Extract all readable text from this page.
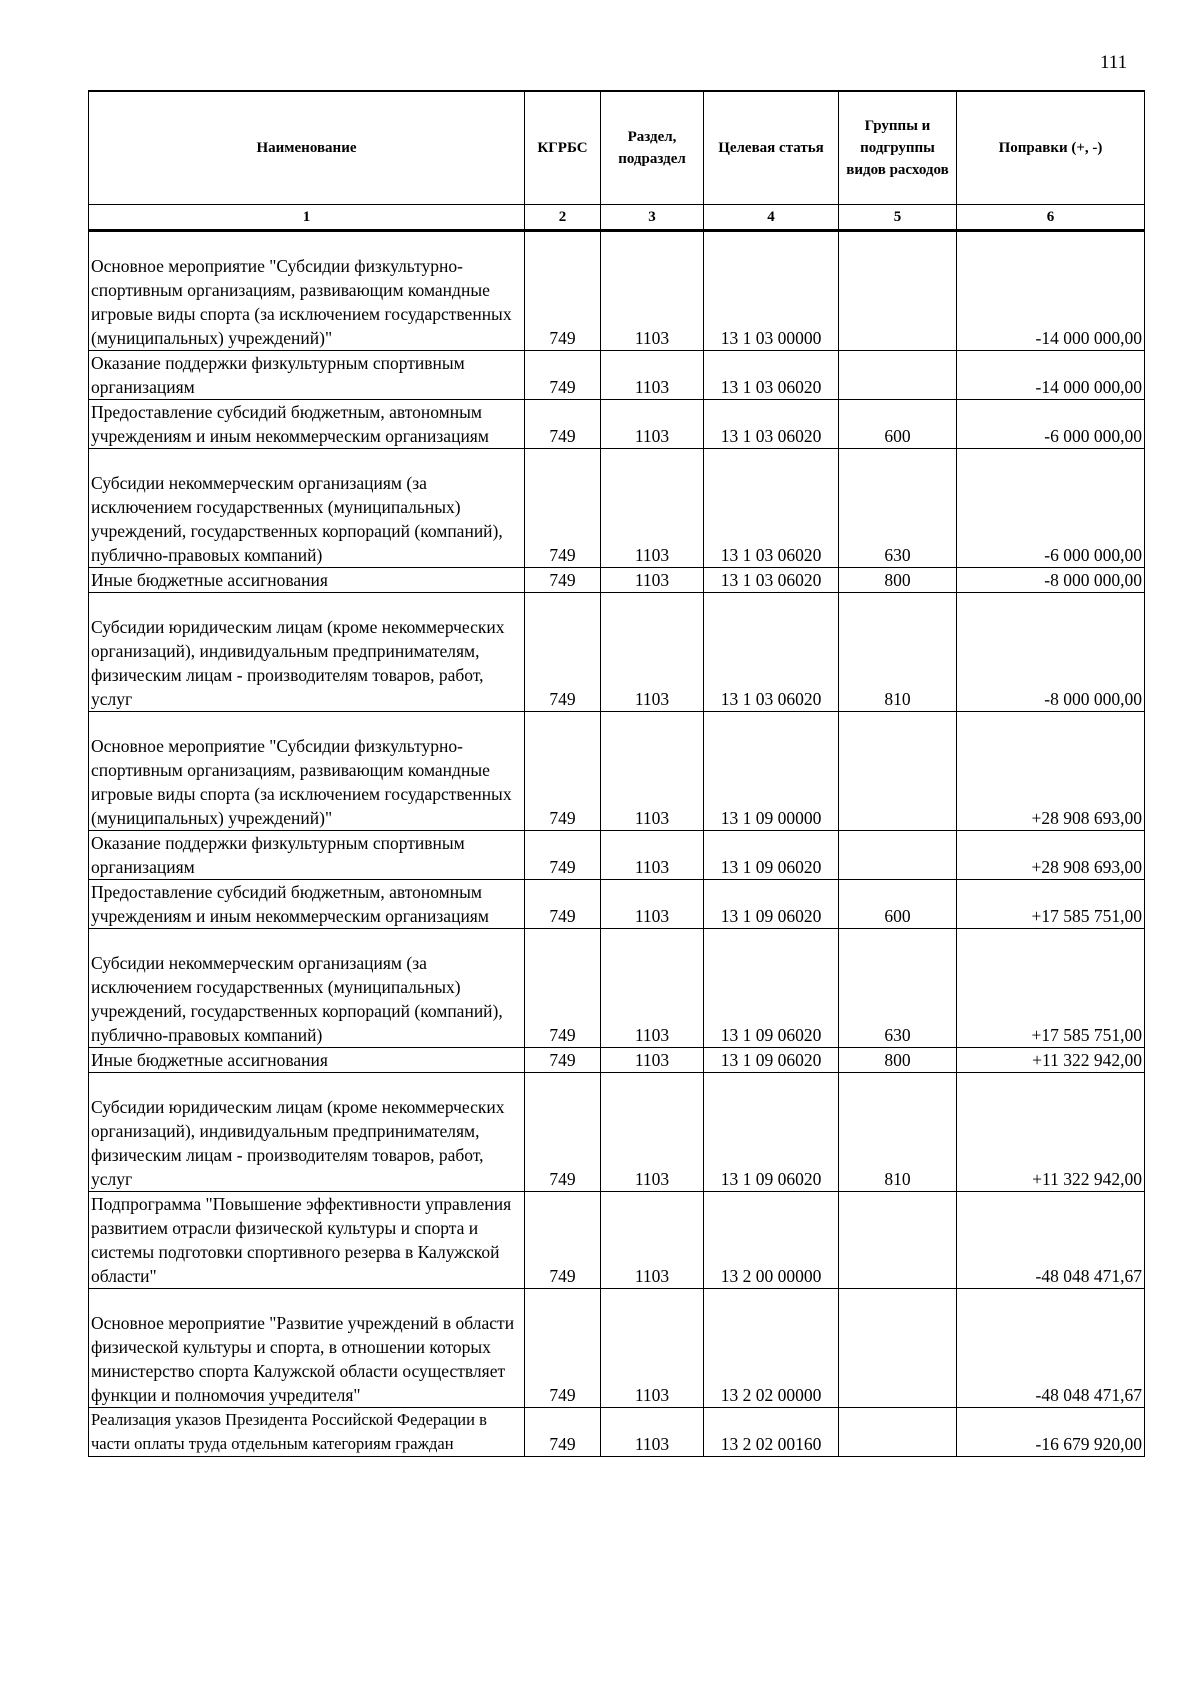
111
Наименование	КГРБС	Раздел, подраздел	Целевая статья	Группы и подгруппы видов расходов	Поправки (+, -)
1	2	3	4	5	6
Основное мероприятие "Субсидии физкультурно-спортивным организациям, развивающим командные игровые виды спорта (за исключением государственных (муниципальных) учреждений)"	749	1103	13 1 03 00000		-14 000 000,00
Оказание поддержки физкультурным спортивным организациям	749	1103	13 1 03 06020		-14 000 000,00
Предоставление субсидий бюджетным, автономным учреждениям и иным некоммерческим организациям	749	1103	13 1 03 06020	600	-6 000 000,00
Субсидии некоммерческим организациям (за исключением государственных (муниципальных) учреждений, государственных корпораций (компаний), публично-правовых компаний)	749	1103	13 1 03 06020	630	-6 000 000,00
Иные бюджетные ассигнования	749	1103	13 1 03 06020	800	-8 000 000,00
Субсидии юридическим лицам (кроме некоммерческих организаций), индивидуальным предпринимателям, физическим лицам - производителям товаров, работ, услуг	749	1103	13 1 03 06020	810	-8 000 000,00
Основное мероприятие "Субсидии физкультурно-спортивным организациям, развивающим командные игровые виды спорта (за исключением государственных (муниципальных) учреждений)"	749	1103	13 1 09 00000		+28 908 693,00
Оказание поддержки физкультурным спортивным организациям	749	1103	13 1 09 06020		+28 908 693,00
Предоставление субсидий бюджетным, автономным учреждениям и иным некоммерческим организациям	749	1103	13 1 09 06020	600	+17 585 751,00
Субсидии некоммерческим организациям (за исключением государственных (муниципальных) учреждений, государственных корпораций (компаний), публично-правовых компаний)	749	1103	13 1 09 06020	630	+17 585 751,00
Иные бюджетные ассигнования	749	1103	13 1 09 06020	800	+11 322 942,00
Субсидии юридическим лицам (кроме некоммерческих организаций), индивидуальным предпринимателям, физическим лицам - производителям товаров, работ, услуг	749	1103	13 1 09 06020	810	+11 322 942,00
Подпрограмма "Повышение эффективности управления развитием отрасли физической культуры и спорта и системы подготовки спортивного резерва в Калужской области"	749	1103	13 2 00 00000		-48 048 471,67
Основное мероприятие "Развитие учреждений в области физической культуры и спорта, в отношении которых министерство спорта Калужской области осуществляет функции и полномочия учредителя"	749	1103	13 2 02 00000		-48 048 471,67
Реализация указов Президента Российской Федерации в части оплаты труда отдельным категориям граждан	749	1103	13 2 02 00160		-16 679 920,00
